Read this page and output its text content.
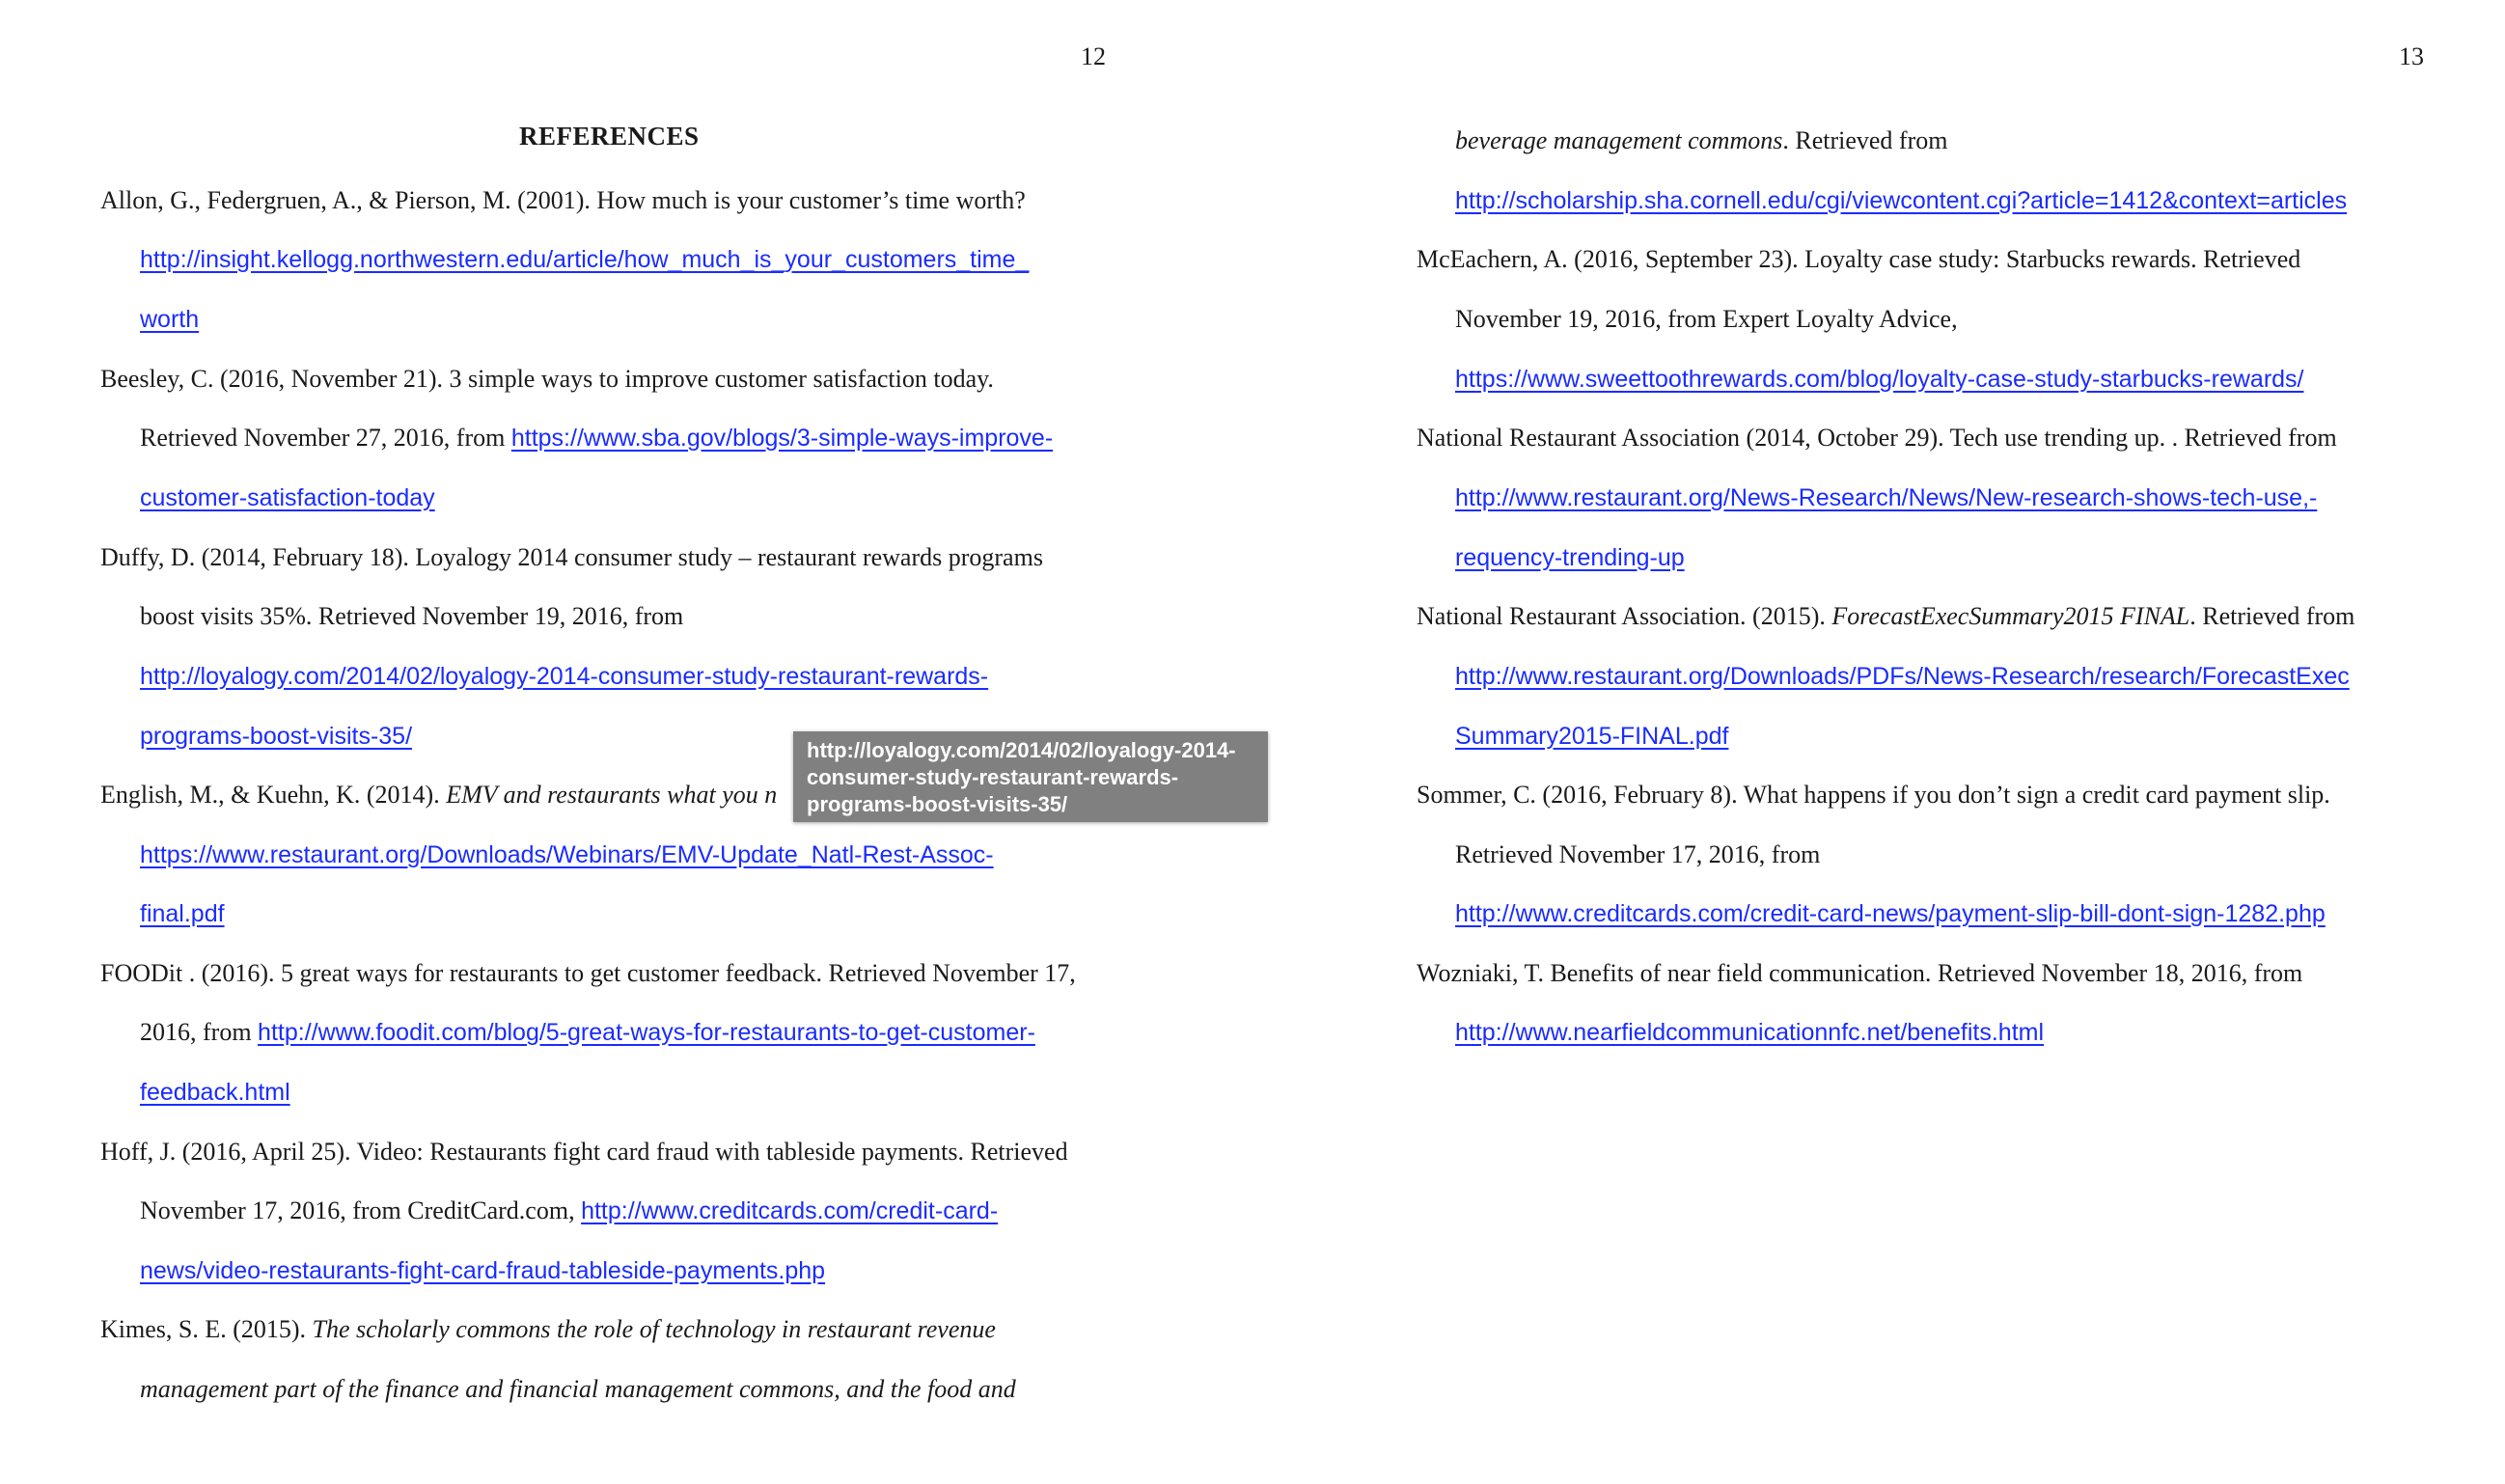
12
REFERENCES
Allon, G., Federgruen, A., & Pierson, M. (2001). How much is your customer’s time worth?
http://insight.kellogg.northwestern.edu/article/how_much_is_your_customers_time_
worth
Beesley, C. (2016, November 21). 3 simple ways to improve customer satisfaction today.
Retrieved November 27, 2016, from https://www.sba.gov/blogs/3-simple-ways-improve-
customer-satisfaction-today
Duffy, D. (2014, February 18). Loyalogy 2014 consumer study – restaurant rewards programs
boost visits 35%. Retrieved November 19, 2016, from
http://loyalogy.com/2014/02/loyalogy-2014-consumer-study-restaurant-rewards-
programs-boost-visits-35/
English, M., & Kuehn, K. (2014). EMV and restaurants what you n
https://www.restaurant.org/Downloads/Webinars/EMV-Update_Natl-Rest-Assoc-
final.pdf
FOODit . (2016). 5 great ways for restaurants to get customer feedback. Retrieved November 17,
2016, from http://www.foodit.com/blog/5-great-ways-for-restaurants-to-get-customer-
feedback.html
Hoff, J. (2016, April 25). Video: Restaurants fight card fraud with tableside payments. Retrieved
November 17, 2016, from CreditCard.com, http://www.creditcards.com/credit-card-
news/video-restaurants-fight-card-fraud-tableside-payments.php
Kimes, S. E. (2015). The scholarly commons the role of technology in restaurant revenue
management part of the finance and financial management commons, and the food and
13
beverage management commons. Retrieved from
http://scholarship.sha.cornell.edu/cgi/viewcontent.cgi?article=1412&context=articles
McEachern, A. (2016, September 23). Loyalty case study: Starbucks rewards. Retrieved
November 19, 2016, from Expert Loyalty Advice,
https://www.sweettoothrewards.com/blog/loyalty-case-study-starbucks-rewards/
National Restaurant Association (2014, October 29). Tech use trending up. . Retrieved from
http://www.restaurant.org/News-Research/News/New-research-shows-tech-use,-
requency-trending-up
National Restaurant Association. (2015). ForecastExecSummary2015 FINAL. Retrieved from
http://www.restaurant.org/Downloads/PDFs/News-Research/research/ForecastExec
Summary2015-FINAL.pdf
Sommer, C. (2016, February 8). What happens if you don’t sign a credit card payment slip.
Retrieved November 17, 2016, from
http://www.creditcards.com/credit-card-news/payment-slip-bill-dont-sign-1282.php
Wozniaki, T. Benefits of near field communication. Retrieved November 18, 2016, from
http://www.nearfieldcommunicationnfc.net/benefits.html
http://loyalogy.com/2014/02/loyalogy-2014-
consumer-study-restaurant-rewards-
programs-boost-visits-35/
